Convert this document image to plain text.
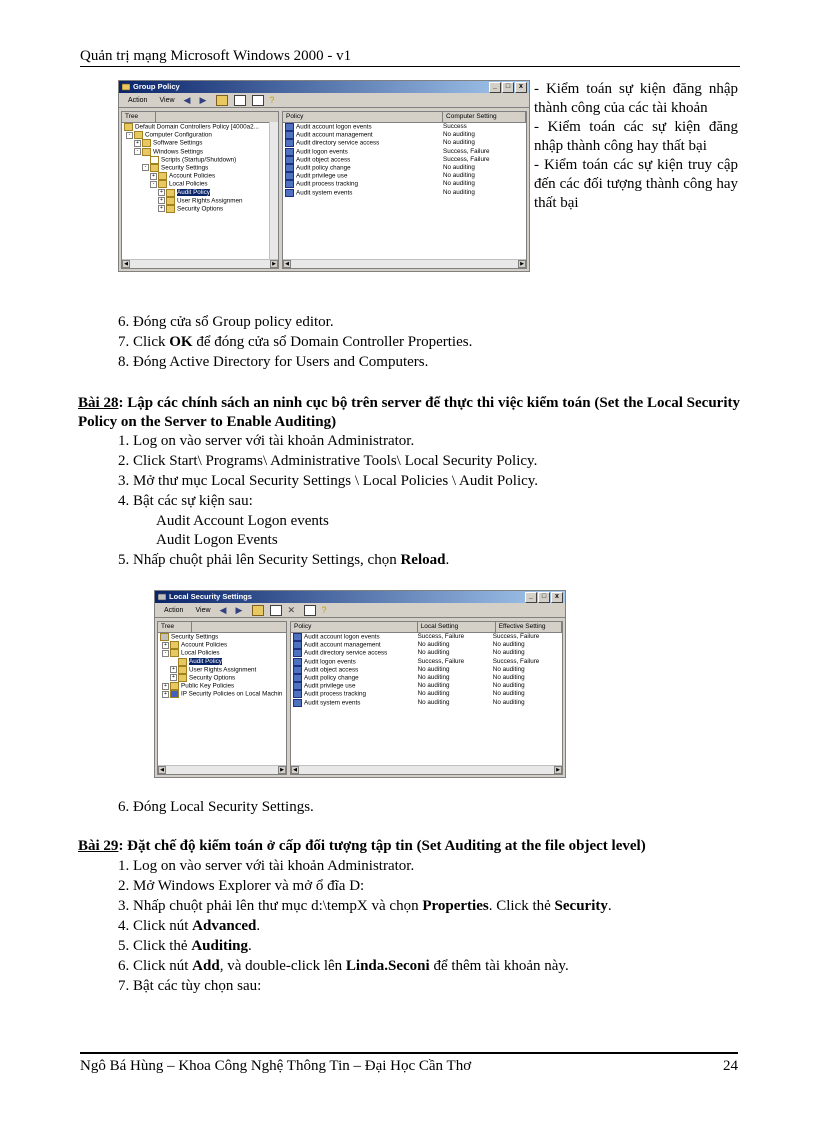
Quản trị mạng Microsoft Windows 2000 - v1
Group Policy	_	□	x
Action	View	◀	▶	?
Tree
Default Domain Controllers Policy [4000a2...
- Computer Configuration
+ Software Settings
- Windows Settings
Scripts (Startup/Shutdown)
- Security Settings
+ Account Policies
- Local Policies
+ Audit Policy
+ User Rights Assignmen
+ Security Options
◀	▶
Policy	Computer Setting
Audit account logon events	Success
Audit account management	No auditing
Audit directory service access	No auditing
Audit logon events	Success, Failure
Audit object access	Success, Failure
Audit policy change	No auditing
Audit privilege use	No auditing
Audit process tracking	No auditing
Audit system events	No auditing
◀	▶
- Kiểm toán sự kiện đăng nhập thành công của các tài khoản
- Kiểm toán các sự kiện đăng nhập thành công hay thất bại
- Kiểm toán các sự kiện truy cập đến các đối tượng thành công hay thất bại
6. Đóng cửa sổ Group policy editor.
7. Click OK để đóng cửa sổ Domain Controller Properties.
8. Đóng Active Directory for Users and Computers.
Bài 28: Lập các chính sách an ninh cục bộ trên server để thực thi việc kiểm toán (Set the Local Security Policy on the Server to Enable Auditing)
1. Log on vào server với tài khoản Administrator.
2. Click Start\ Programs\ Administrative Tools\ Local Security Policy.
3. Mở thư mục Local Security Settings \ Local Policies \ Audit Policy.
4. Bật các sự kiện sau:
Audit Account Logon events
Audit Logon Events
5. Nhấp chuột phải lên Security Settings, chọn Reload.
Local Security Settings	_	□	x
Action	View	◀	▶	✕	?
Tree
Security Settings
+ Account Policies
- Local Policies
Audit Policy
+ User Rights Assignment
+ Security Options
+ Public Key Policies
+ IP Security Policies on Local Machin
◀	▶
Policy	Local Setting	Effective Setting
Audit account logon events	Success, Failure	Success, Failure
Audit account management	No auditing	No auditing
Audit directory service access	No auditing	No auditing
Audit logon events	Success, Failure	Success, Failure
Audit object access	No auditing	No auditing
Audit policy change	No auditing	No auditing
Audit privilege use	No auditing	No auditing
Audit process tracking	No auditing	No auditing
Audit system events	No auditing	No auditing
◀	▶
6. Đóng Local Security Settings.
Bài 29: Đặt chế độ kiểm toán ở cấp đối tượng tập tin (Set Auditing at the file object level)
1. Log on vào server với tài khoản Administrator.
2. Mở Windows Explorer và mở ổ đĩa D:
3. Nhấp chuột phải lên thư mục d:\tempX và chọn Properties. Click thẻ Security.
4. Click nút Advanced.
5. Click thẻ Auditing.
6. Click nút Add, và double-click lên Linda.Seconi để thêm tài khoản này.
7. Bật các tùy chọn sau:
Ngô Bá Hùng – Khoa Công Nghệ Thông Tin – Đại Học Cần Thơ	24
